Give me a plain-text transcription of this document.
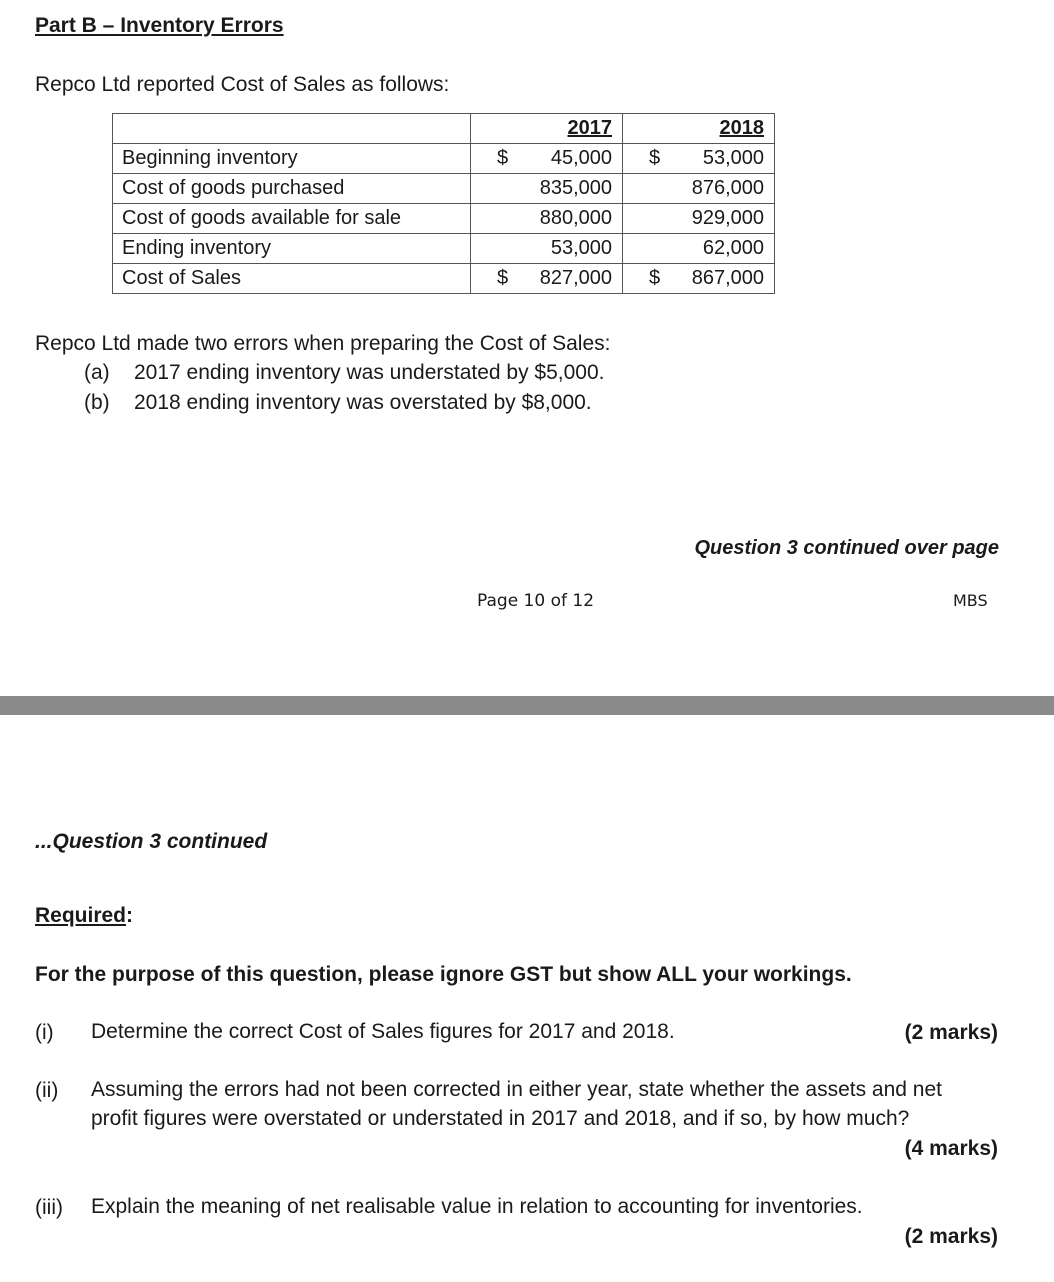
Part B – Inventory Errors
Repco Ltd reported Cost of Sales as follows:
	2017	2018
Beginning inventory	$ 45,000	$ 53,000

Cost of goods purchased	835,000	876,000

Cost of goods available for sale	880,000	929,000

Ending inventory	53,000	62,000

Cost of Sales	$ 827,000	$ 867,000
Repco Ltd made two errors when preparing the Cost of Sales:
(a) 2017 ending inventory was understated by $5,000.
(b) 2018 ending inventory was overstated by $8,000.
Question 3 continued over page
Page 10 of 12	MBS
...Question 3 continued
Required:
For the purpose of this question, please ignore GST but show ALL your workings.
(i) Determine the correct Cost of Sales figures for 2017 and 2018.	(2 marks)
(ii) Assuming the errors had not been corrected in either year, state whether the assets and net
profit figures were overstated or understated in 2017 and 2018, and if so, by how much?
(4 marks)
(iii) Explain the meaning of net realisable value in relation to accounting for inventories.
(2 marks)
